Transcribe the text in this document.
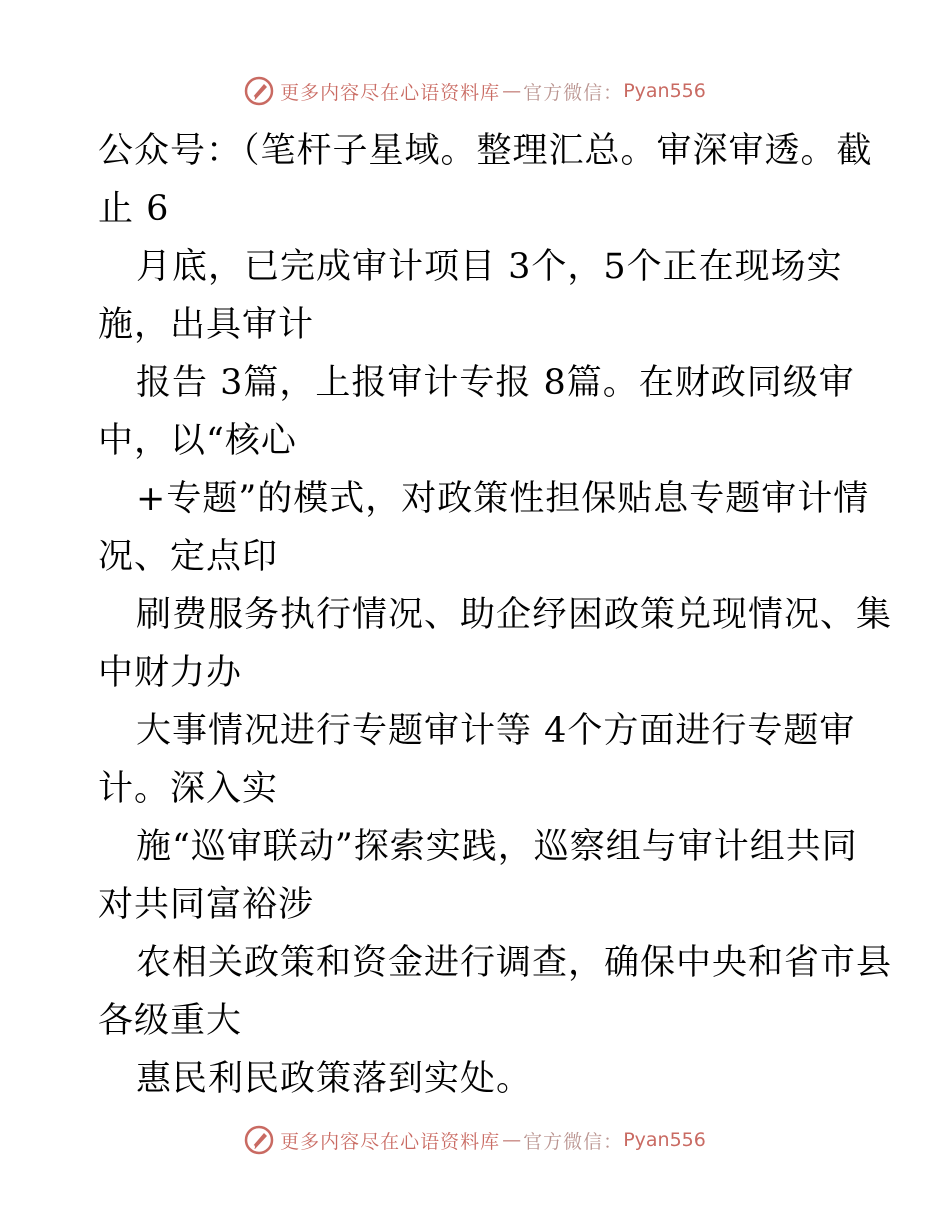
更多内容尽在心语资料库 — 官方微信： Pyan556
公众号：（笔杆子星域。整理汇总。审深审透。截
止 6
月底，已完成审计项目 3个，5个正在现场实
施，出具审计
报告 3篇，上报审计专报 8篇。在财政同级审
中，以“核心
+专题”的模式，对政策性担保贴息专题审计情
况、定点印
刷费服务执行情况、助企纾困政策兑现情况、集
中财力办
大事情况进行专题审计等 4个方面进行专题审
计。深入实
施“巡审联动”探索实践，巡察组与审计组共同
对共同富裕涉
农相关政策和资金进行调查，确保中央和省市县
各级重大
惠民利民政策落到实处。
更多内容尽在心语资料库 — 官方微信： Pyan556
